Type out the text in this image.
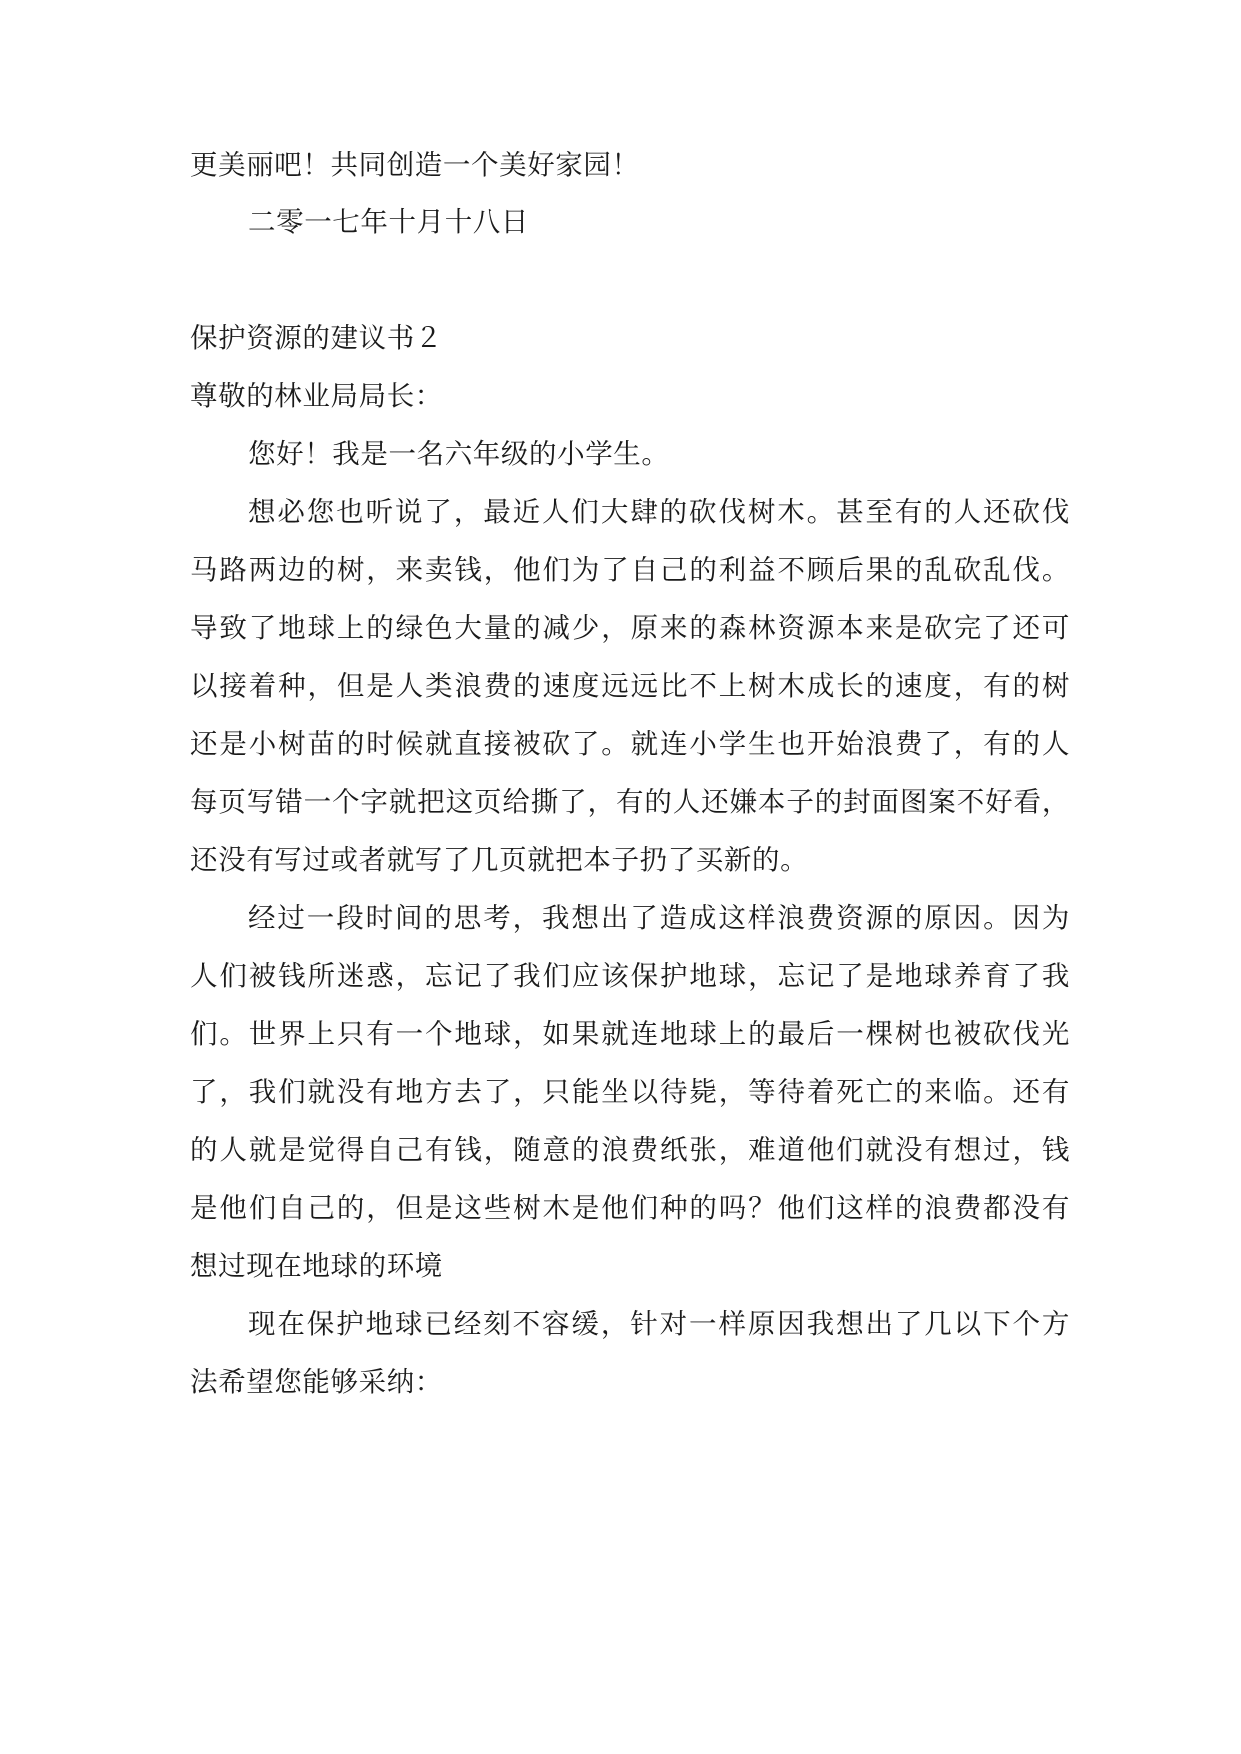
更美丽吧！共同创造一个美好家园！
二零一七年十月十八日
保护资源的建议书２
尊敬的林业局局长：
您好！我是一名六年级的小学生。
想必您也听说了，最近人们大肆的砍伐树木。甚至有的人还砍伐
马路两边的树，来卖钱，他们为了自己的利益不顾后果的乱砍乱伐。
导致了地球上的绿色大量的减少，原来的森林资源本来是砍完了还可
以接着种，但是人类浪费的速度远远比不上树木成长的速度，有的树
还是小树苗的时候就直接被砍了。就连小学生也开始浪费了，有的人
每页写错一个字就把这页给撕了，有的人还嫌本子的封面图案不好看，
还没有写过或者就写了几页就把本子扔了买新的。
经过一段时间的思考，我想出了造成这样浪费资源的原因。因为
人们被钱所迷惑，忘记了我们应该保护地球，忘记了是地球养育了我
们。世界上只有一个地球，如果就连地球上的最后一棵树也被砍伐光
了，我们就没有地方去了，只能坐以待毙，等待着死亡的来临。还有
的人就是觉得自己有钱，随意的浪费纸张，难道他们就没有想过，钱
是他们自己的，但是这些树木是他们种的吗？他们这样的浪费都没有
想过现在地球的环境
现在保护地球已经刻不容缓，针对一样原因我想出了几以下个方
法希望您能够采纳：
